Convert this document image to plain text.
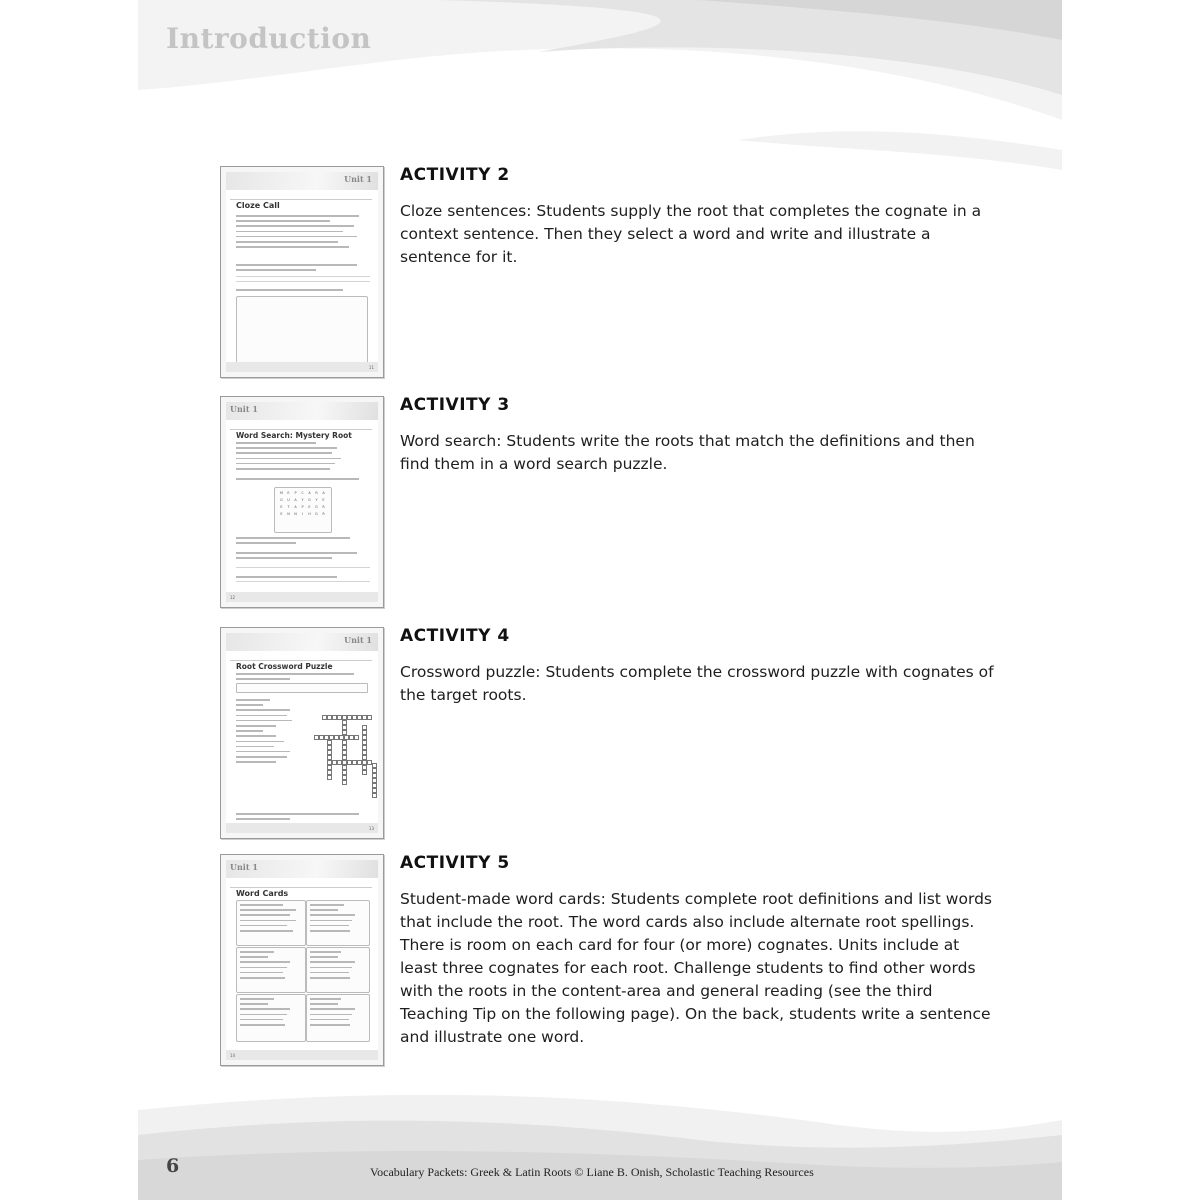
Introduction
Unit 1
Cloze Call
11
ACTIVITY 2

Cloze sentences: Students supply the root that completes the cognate in a context sentence. Then they select a word and write and illustrate a sentence for it.

Unit 1
Word Search: Mystery Root
M	E	P	C	A	R	A
G	U	A	Y	G	Y	E
E	T	A	P	E	G	R
E	N	N	I	H	G	R
12
ACTIVITY 3

Word search: Students write the roots that match the definitions and then find them in a word search puzzle.

Unit 1
Root Crossword Puzzle
13
ACTIVITY 4

Crossword puzzle: Students complete the crossword puzzle with cognates of the target roots.

Unit 1
Word Cards
14
ACTIVITY 5

Student-made word cards: Students complete root definitions and list words that include the root. The word cards also include alternate root spellings. There is room on each card for four (or more) cognates. Units include at least three cognates for each root. Challenge students to find other words with the roots in the content-area and general reading (see the third Teaching Tip on the following page). On the back, students write a sentence and illustrate one word.

6	Vocabulary Packets: Greek & Latin Roots © Liane B. Onish, Scholastic Teaching Resources
